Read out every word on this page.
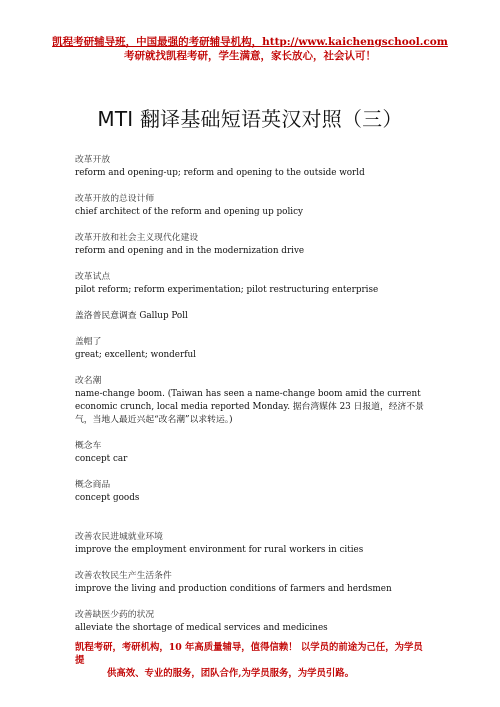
凯程考研辅导班，中国最强的考研辅导机构，http://www.kaichengschool.com
考研就找凯程考研，学生满意，家长放心，社会认可！
MTI 翻译基础短语英汉对照（三）
改革开放
reform and opening-up; reform and opening to the outside world
改革开放的总设计师
chief architect of the reform and opening up policy
改革开放和社会主义现代化建设
reform and opening and in the modernization drive
改革试点
pilot reform; reform experimentation; pilot restructuring enterprise
盖洛普民意调查 Gallup Poll
盖帽了
great; excellent; wonderful
改名潮
name-change boom. (Taiwan has seen a name-change boom amid the current economic crunch, local media reported Monday. 据台湾媒体 23 日报道，经济不景气，当地人最近兴起“改名潮”以求转运。)
概念车
concept car
概念商品
concept goods
改善农民进城就业环境
improve the employment environment for rural workers in cities
改善农牧民生产生活条件
improve the living and production conditions of farmers and herdsmen
改善缺医少药的状况
alleviate the shortage of medical services and medicines
凯程考研，考研机构，10 年高质量辅导，值得信赖！ 以学员的前途为己任，为学员提
供高效、专业的服务，团队合作,为学员服务，为学员引路。
